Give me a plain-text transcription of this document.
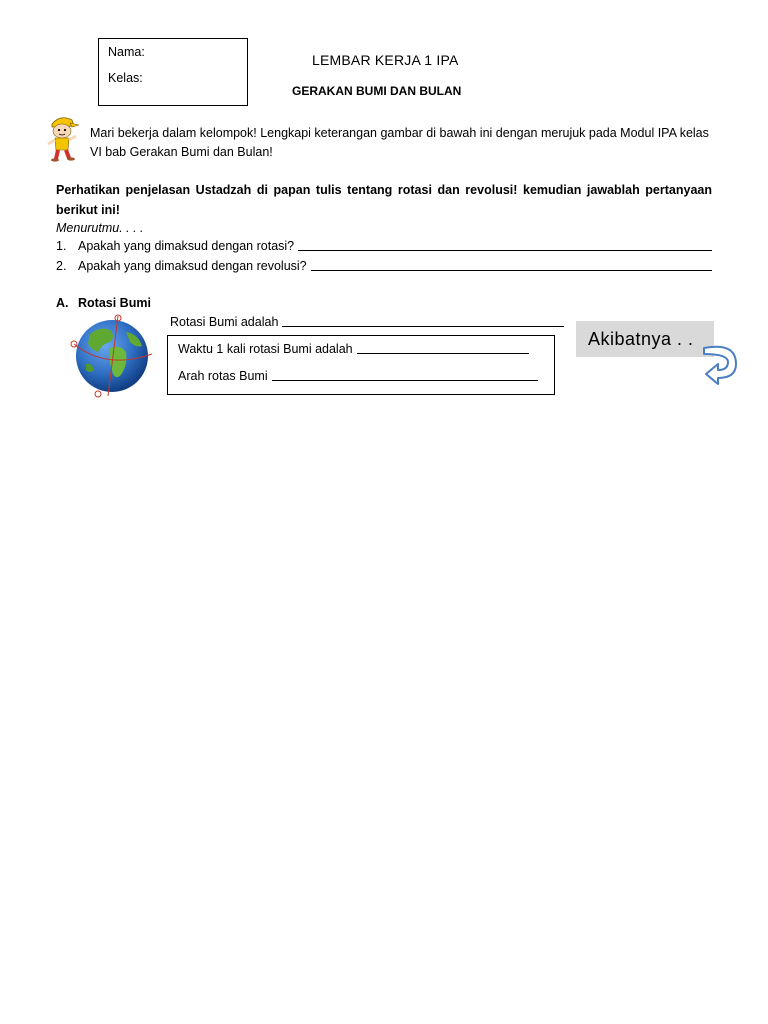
Nama:
Kelas:
LEMBAR KERJA 1 IPA
GERAKAN BUMI DAN BULAN
Mari bekerja dalam kelompok! Lengkapi keterangan gambar di bawah ini dengan merujuk pada Modul IPA kelas VI bab Gerakan Bumi dan Bulan!
Perhatikan penjelasan Ustadzah di papan tulis tentang rotasi dan revolusi! kemudian jawablah pertanyaan berikut ini!
Menurutmu. . . .
1. Apakah yang dimaksud dengan rotasi?
2. Apakah yang dimaksud dengan revolusi?
A. Rotasi Bumi
Rotasi Bumi adalah
Waktu 1 kali rotasi Bumi adalah
Arah rotas Bumi
Akibatnya . .
